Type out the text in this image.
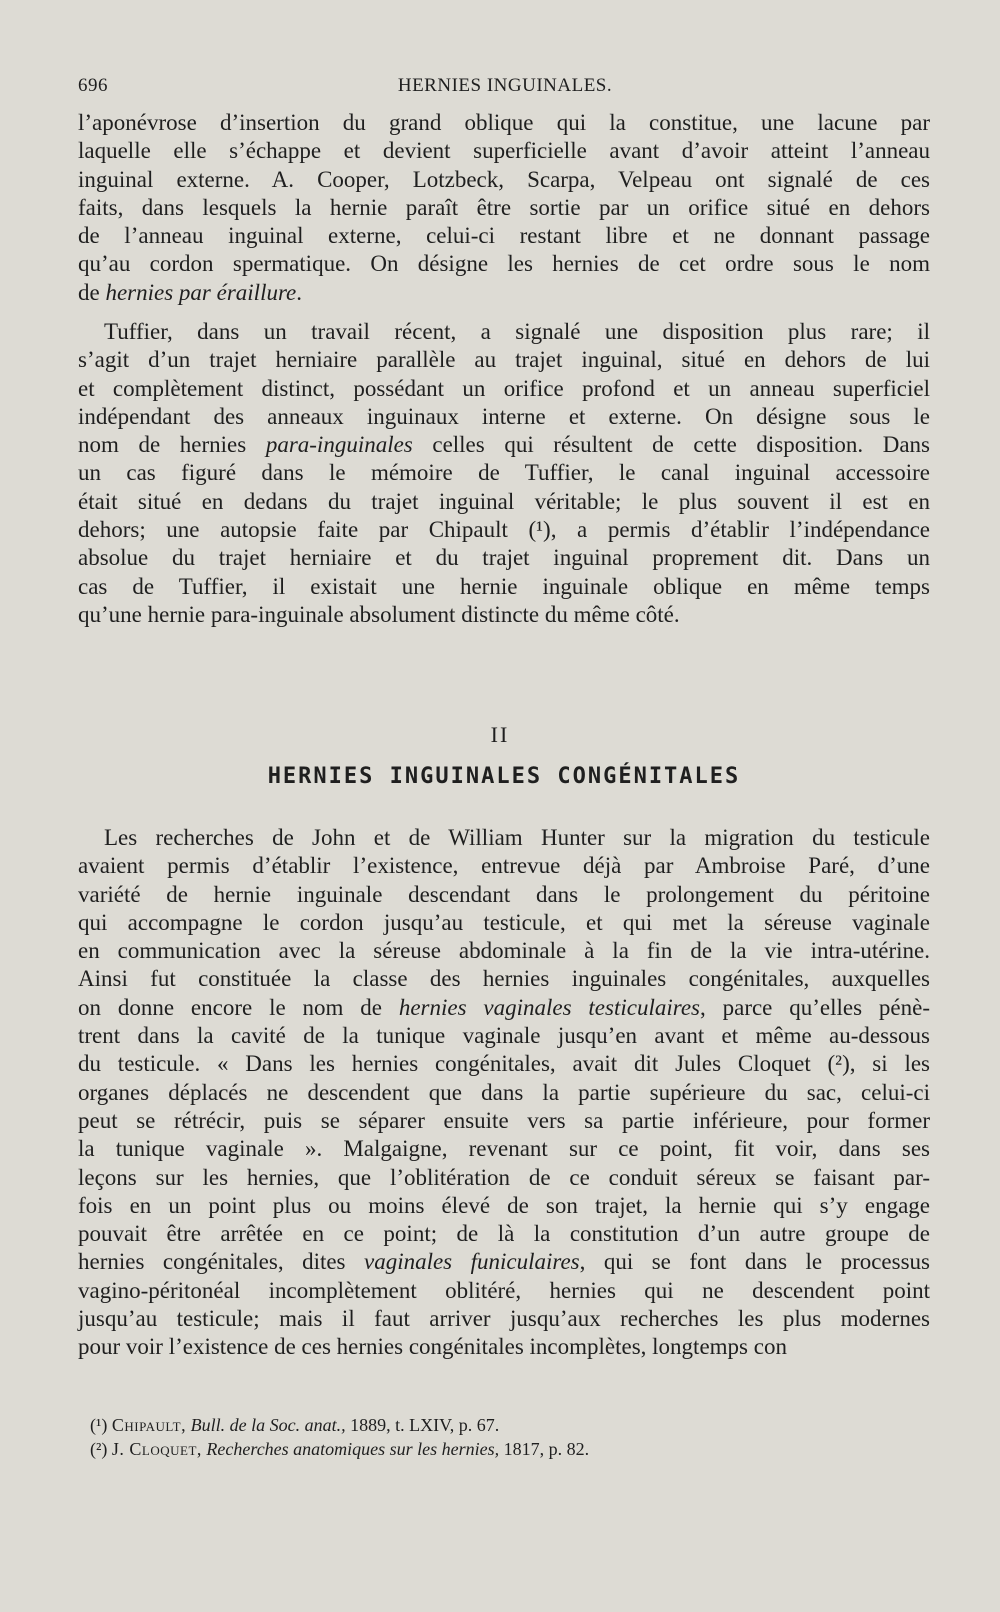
696	HERNIES INGUINALES.
l’aponévrose d’insertion du grand oblique qui la constitue, une lacune par
laquelle elle s’échappe et devient superficielle avant d’avoir atteint l’anneau
inguinal externe. A. Cooper, Lotzbeck, Scarpa, Velpeau ont signalé de ces
faits, dans lesquels la hernie paraît être sortie par un orifice situé en dehors
de l’anneau inguinal externe, celui-ci restant libre et ne donnant passage
qu’au cordon spermatique. On désigne les hernies de cet ordre sous le nom
de hernies par éraillure.
Tuffier, dans un travail récent, a signalé une disposition plus rare; il
s’agit d’un trajet herniaire parallèle au trajet inguinal, situé en dehors de lui
et complètement distinct, possédant un orifice profond et un anneau superficiel
indépendant des anneaux inguinaux interne et externe. On désigne sous le
nom de hernies para-inguinales celles qui résultent de cette disposition. Dans
un cas figuré dans le mémoire de Tuffier, le canal inguinal accessoire
était situé en dedans du trajet inguinal véritable; le plus souvent il est en
dehors; une autopsie faite par Chipault (¹), a permis d’établir l’indépendance
absolue du trajet herniaire et du trajet inguinal proprement dit. Dans un
cas de Tuffier, il existait une hernie inguinale oblique en même temps
qu’une hernie para-inguinale absolument distincte du même côté.
II
HERNIES INGUINALES CONGÉNITALES
Les recherches de John et de William Hunter sur la migration du testicule
avaient permis d’établir l’existence, entrevue déjà par Ambroise Paré, d’une
variété de hernie inguinale descendant dans le prolongement du péritoine
qui accompagne le cordon jusqu’au testicule, et qui met la séreuse vaginale
en communication avec la séreuse abdominale à la fin de la vie intra-utérine.
Ainsi fut constituée la classe des hernies inguinales congénitales, auxquelles
on donne encore le nom de hernies vaginales testiculaires, parce qu’elles pénè-
trent dans la cavité de la tunique vaginale jusqu’en avant et même au-dessous
du testicule. « Dans les hernies congénitales, avait dit Jules Cloquet (²), si les
organes déplacés ne descendent que dans la partie supérieure du sac, celui-ci
peut se rétrécir, puis se séparer ensuite vers sa partie inférieure, pour former
la tunique vaginale ». Malgaigne, revenant sur ce point, fit voir, dans ses
leçons sur les hernies, que l’oblitération de ce conduit séreux se faisant par-
fois en un point plus ou moins élevé de son trajet, la hernie qui s’y engage
pouvait être arrêtée en ce point; de là la constitution d’un autre groupe de
hernies congénitales, dites vaginales funiculaires, qui se font dans le processus
vagino-péritonéal incomplètement oblitéré, hernies qui ne descendent point
jusqu’au testicule; mais il faut arriver jusqu’aux recherches les plus modernes
pour voir l’existence de ces hernies congénitales incomplètes, longtemps con
(¹) Chipault, Bull. de la Soc. anat., 1889, t. LXIV, p. 67.
(²) J. Cloquet, Recherches anatomiques sur les hernies, 1817, p. 82.
